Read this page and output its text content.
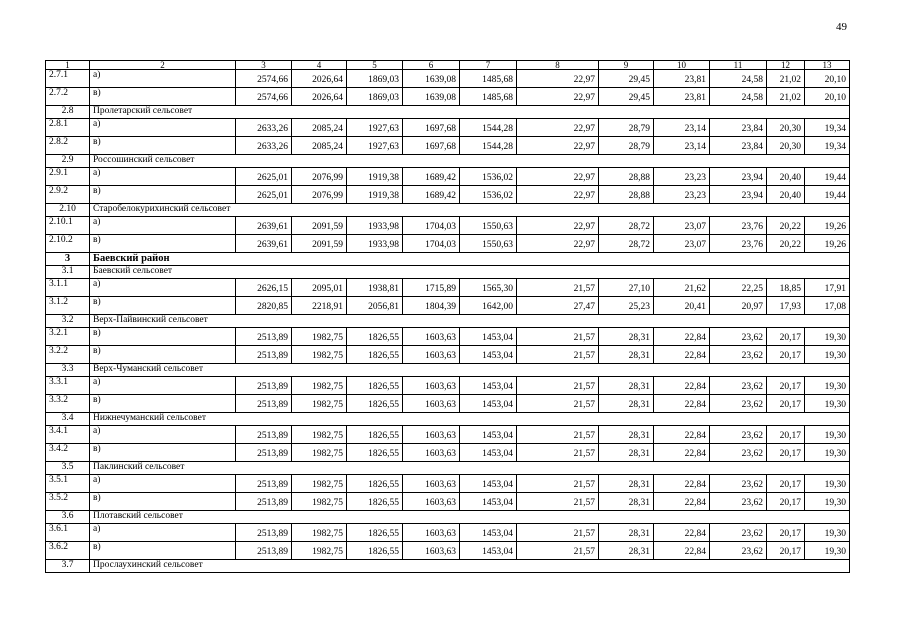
49
1	2	3	4	5	6	7	8	9	10	11	12	13
2.7.1	а)	2574,66	2026,64	1869,03	1639,08	1485,68	22,97	29,45	23,81	24,58	21,02	20,10
2.7.2	в)	2574,66	2026,64	1869,03	1639,08	1485,68	22,97	29,45	23,81	24,58	21,02	20,10
2.8	Пролетарский сельсовет											
2.8.1	а)	2633,26	2085,24	1927,63	1697,68	1544,28	22,97	28,79	23,14	23,84	20,30	19,34
2.8.2	в)	2633,26	2085,24	1927,63	1697,68	1544,28	22,97	28,79	23,14	23,84	20,30	19,34
2.9	Россошинский сельсовет											
2.9.1	а)	2625,01	2076,99	1919,38	1689,42	1536,02	22,97	28,88	23,23	23,94	20,40	19,44
2.9.2	в)	2625,01	2076,99	1919,38	1689,42	1536,02	22,97	28,88	23,23	23,94	20,40	19,44
2.10	Старобелокурихинский сельсовет											
2.10.1	а)	2639,61	2091,59	1933,98	1704,03	1550,63	22,97	28,72	23,07	23,76	20,22	19,26
2.10.2	в)	2639,61	2091,59	1933,98	1704,03	1550,63	22,97	28,72	23,07	23,76	20,22	19,26
3	Баевский район											
3.1	Баевский сельсовет											
3.1.1	а)	2626,15	2095,01	1938,81	1715,89	1565,30	21,57	27,10	21,62	22,25	18,85	17,91
3.1.2	в)	2820,85	2218,91	2056,81	1804,39	1642,00	27,47	25,23	20,41	20,97	17,93	17,08
3.2	Верх-Пайвинский сельсовет											
3.2.1	в)	2513,89	1982,75	1826,55	1603,63	1453,04	21,57	28,31	22,84	23,62	20,17	19,30
3.2.2	в)	2513,89	1982,75	1826,55	1603,63	1453,04	21,57	28,31	22,84	23,62	20,17	19,30
3.3	Верх-Чуманский сельсовет											
3.3.1	а)	2513,89	1982,75	1826,55	1603,63	1453,04	21,57	28,31	22,84	23,62	20,17	19,30
3.3.2	в)	2513,89	1982,75	1826,55	1603,63	1453,04	21,57	28,31	22,84	23,62	20,17	19,30
3.4	Нижнечуманский сельсовет											
3.4.1	а)	2513,89	1982,75	1826,55	1603,63	1453,04	21,57	28,31	22,84	23,62	20,17	19,30
3.4.2	в)	2513,89	1982,75	1826,55	1603,63	1453,04	21,57	28,31	22,84	23,62	20,17	19,30
3.5	Паклинский сельсовет											
3.5.1	а)	2513,89	1982,75	1826,55	1603,63	1453,04	21,57	28,31	22,84	23,62	20,17	19,30
3.5.2	в)	2513,89	1982,75	1826,55	1603,63	1453,04	21,57	28,31	22,84	23,62	20,17	19,30
3.6	Плотавский сельсовет											
3.6.1	а)	2513,89	1982,75	1826,55	1603,63	1453,04	21,57	28,31	22,84	23,62	20,17	19,30
3.6.2	в)	2513,89	1982,75	1826,55	1603,63	1453,04	21,57	28,31	22,84	23,62	20,17	19,30
3.7	Прослаухинский сельсовет											
